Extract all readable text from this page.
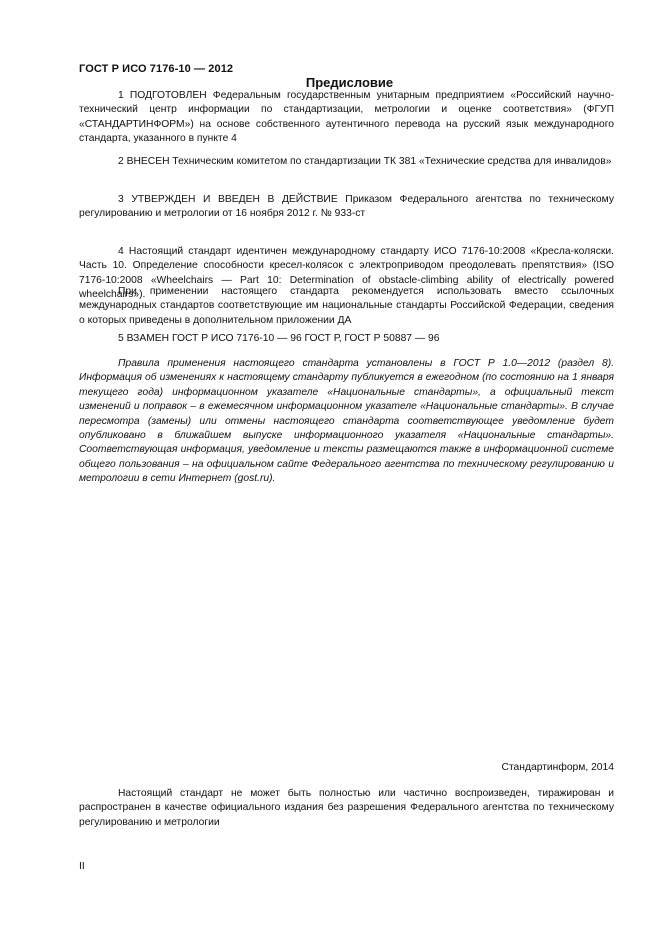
ГОСТ Р ИСО 7176-10 — 2012
Предисловие

1 ПОДГОТОВЛЕН Федеральным государственным унитарным предприятием «Российский научно-технический центр информации по стандартизации, метрологии и оценке соответствия» (ФГУП «СТАНДАРТИНФОРМ») на основе собственного аутентичного перевода на русский язык международного стандарта, указанного в пункте 4

2 ВНЕСЕН Техническим комитетом по стандартизации ТК 381 «Технические средства для инвалидов»

3 УТВЕРЖДЕН И ВВЕДЕН В ДЕЙСТВИЕ Приказом Федерального агентства по техническому регулированию и метрологии от 16 ноября 2012 г. № 933-ст

4 Настоящий стандарт идентичен международному стандарту ИСО 7176-10:2008 «Кресла-коляски. Часть 10. Определение способности кресел-колясок с электроприводом преодолевать препятствия» (ISO 7176-10:2008 «Wheelchairs — Part 10: Determination of obstacle-climbing ability of electrically powered wheelchairs»).

При применении настоящего стандарта рекомендуется использовать вместо ссылочных международных стандартов соответствующие им национальные стандарты Российской Федерации, сведения о которых приведены в дополнительном приложении ДА

5 ВЗАМЕН ГОСТ Р ИСО 7176-10 — 96 ГОСТ Р, ГОСТ Р 50887 — 96

Правила применения настоящего стандарта установлены в ГОСТ Р 1.0—2012 (раздел 8). Информация об изменениях к настоящему стандарту публикуется в ежегодном (по состоянию на 1 января текущего года) информационном указателе «Национальные стандарты», а официальный текст изменений и поправок – в ежемесячном информационном указателе «Национальные стандарты». В случае пересмотра (замены) или отмены настоящего стандарта соответствующее уведомление будет опубликовано в ближайшем выпуске информационного указателя «Национальные стандарты». Соответствующая информация, уведомление и тексты размещаются также в информационной системе общего пользования – на официальном сайте Федерального агентства по техническому регулированию и метрологии в сети Интернет (gost.ru).

Стандартинформ, 2014

Настоящий стандарт не может быть полностью или частично воспроизведен, тиражирован и распространен в качестве официального издания без разрешения Федерального агентства по техническому регулированию и метрологии

II
